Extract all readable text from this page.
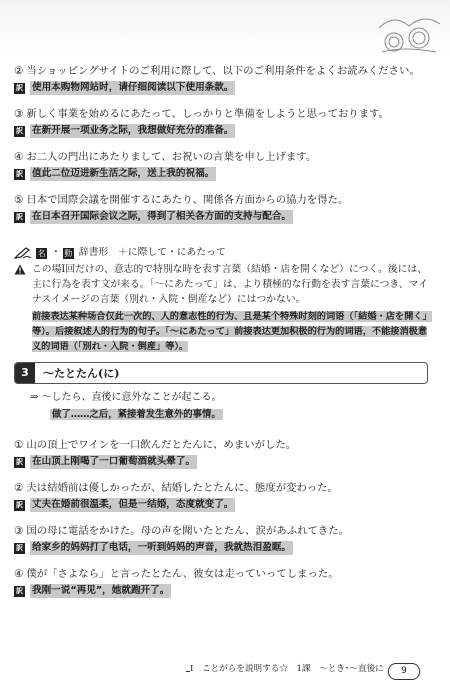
② 当ショッピングサイトのご利用に際して、以下のご利用条件をよくお読みください。

訳 使用本购物网站时，请仔细阅读以下使用条款。

③ 新しく事業を始めるにあたって、しっかりと準備をしようと思っております。

訳 在新开展一项业务之际，我想做好充分的准备。

④ お二人の門出にあたりまして、お祝いの言葉を申し上げます。

訳 值此二位迈进新生活之际，送上我的祝福。

⑤ 日本で国際会議を開催するにあたり、関係各方面からの協力を得た。

訳 在日本召开国际会议之际，得到了相关各方面的支持与配合。
名 ・ 動 辞書形　＋に際して・にあたって
この場I回だけの、意志的で特別な時を表す言葉（結婚・店を開くなど）につく。後には、主に行為を表す文が来る。「～にあたって」は、より積極的な行動を表す言葉につき、マイナスイメージの言葉（別れ・入院・倒産など）にはつかない。
前接表达某种场合仅此一次的、人的意志性的行为、且是某个特殊时刻的词语（「結婚・店を開く」等）。后接叙述人的行为的句子。「～にあたって」前接表达更加积极的行为的词语，不能接消极意义的词语（「別れ・入院・倒産」等）。
3	～たとたん(に)
⇒ ～したら、直後に意外なことが起こる。
做了……之后，紧接着发生意外的事情。

① 山の頂上でワインを一口飲んだとたんに、めまいがした。

訳 在山顶上刚喝了一口葡萄酒就头晕了。

② 夫は結婚前は優しかったが、結婚したとたんに、態度が変わった。

訳 丈夫在婚前很温柔，但是一结婚，态度就变了。

③ 国の母に電話をかけた。母の声を聞いたとたん、涙があふれてきた。

訳 给家乡的妈妈打了电话，一听到妈妈的声音，我就热泪盈眶。

④ 僕が「さよなら」と言ったとたん、彼女は走っていってしまった。

訳 我刚一说“再见”，她就跑开了。
Ⅰ　ことがらを説明する☆　1課　～とき･～直後に	9
